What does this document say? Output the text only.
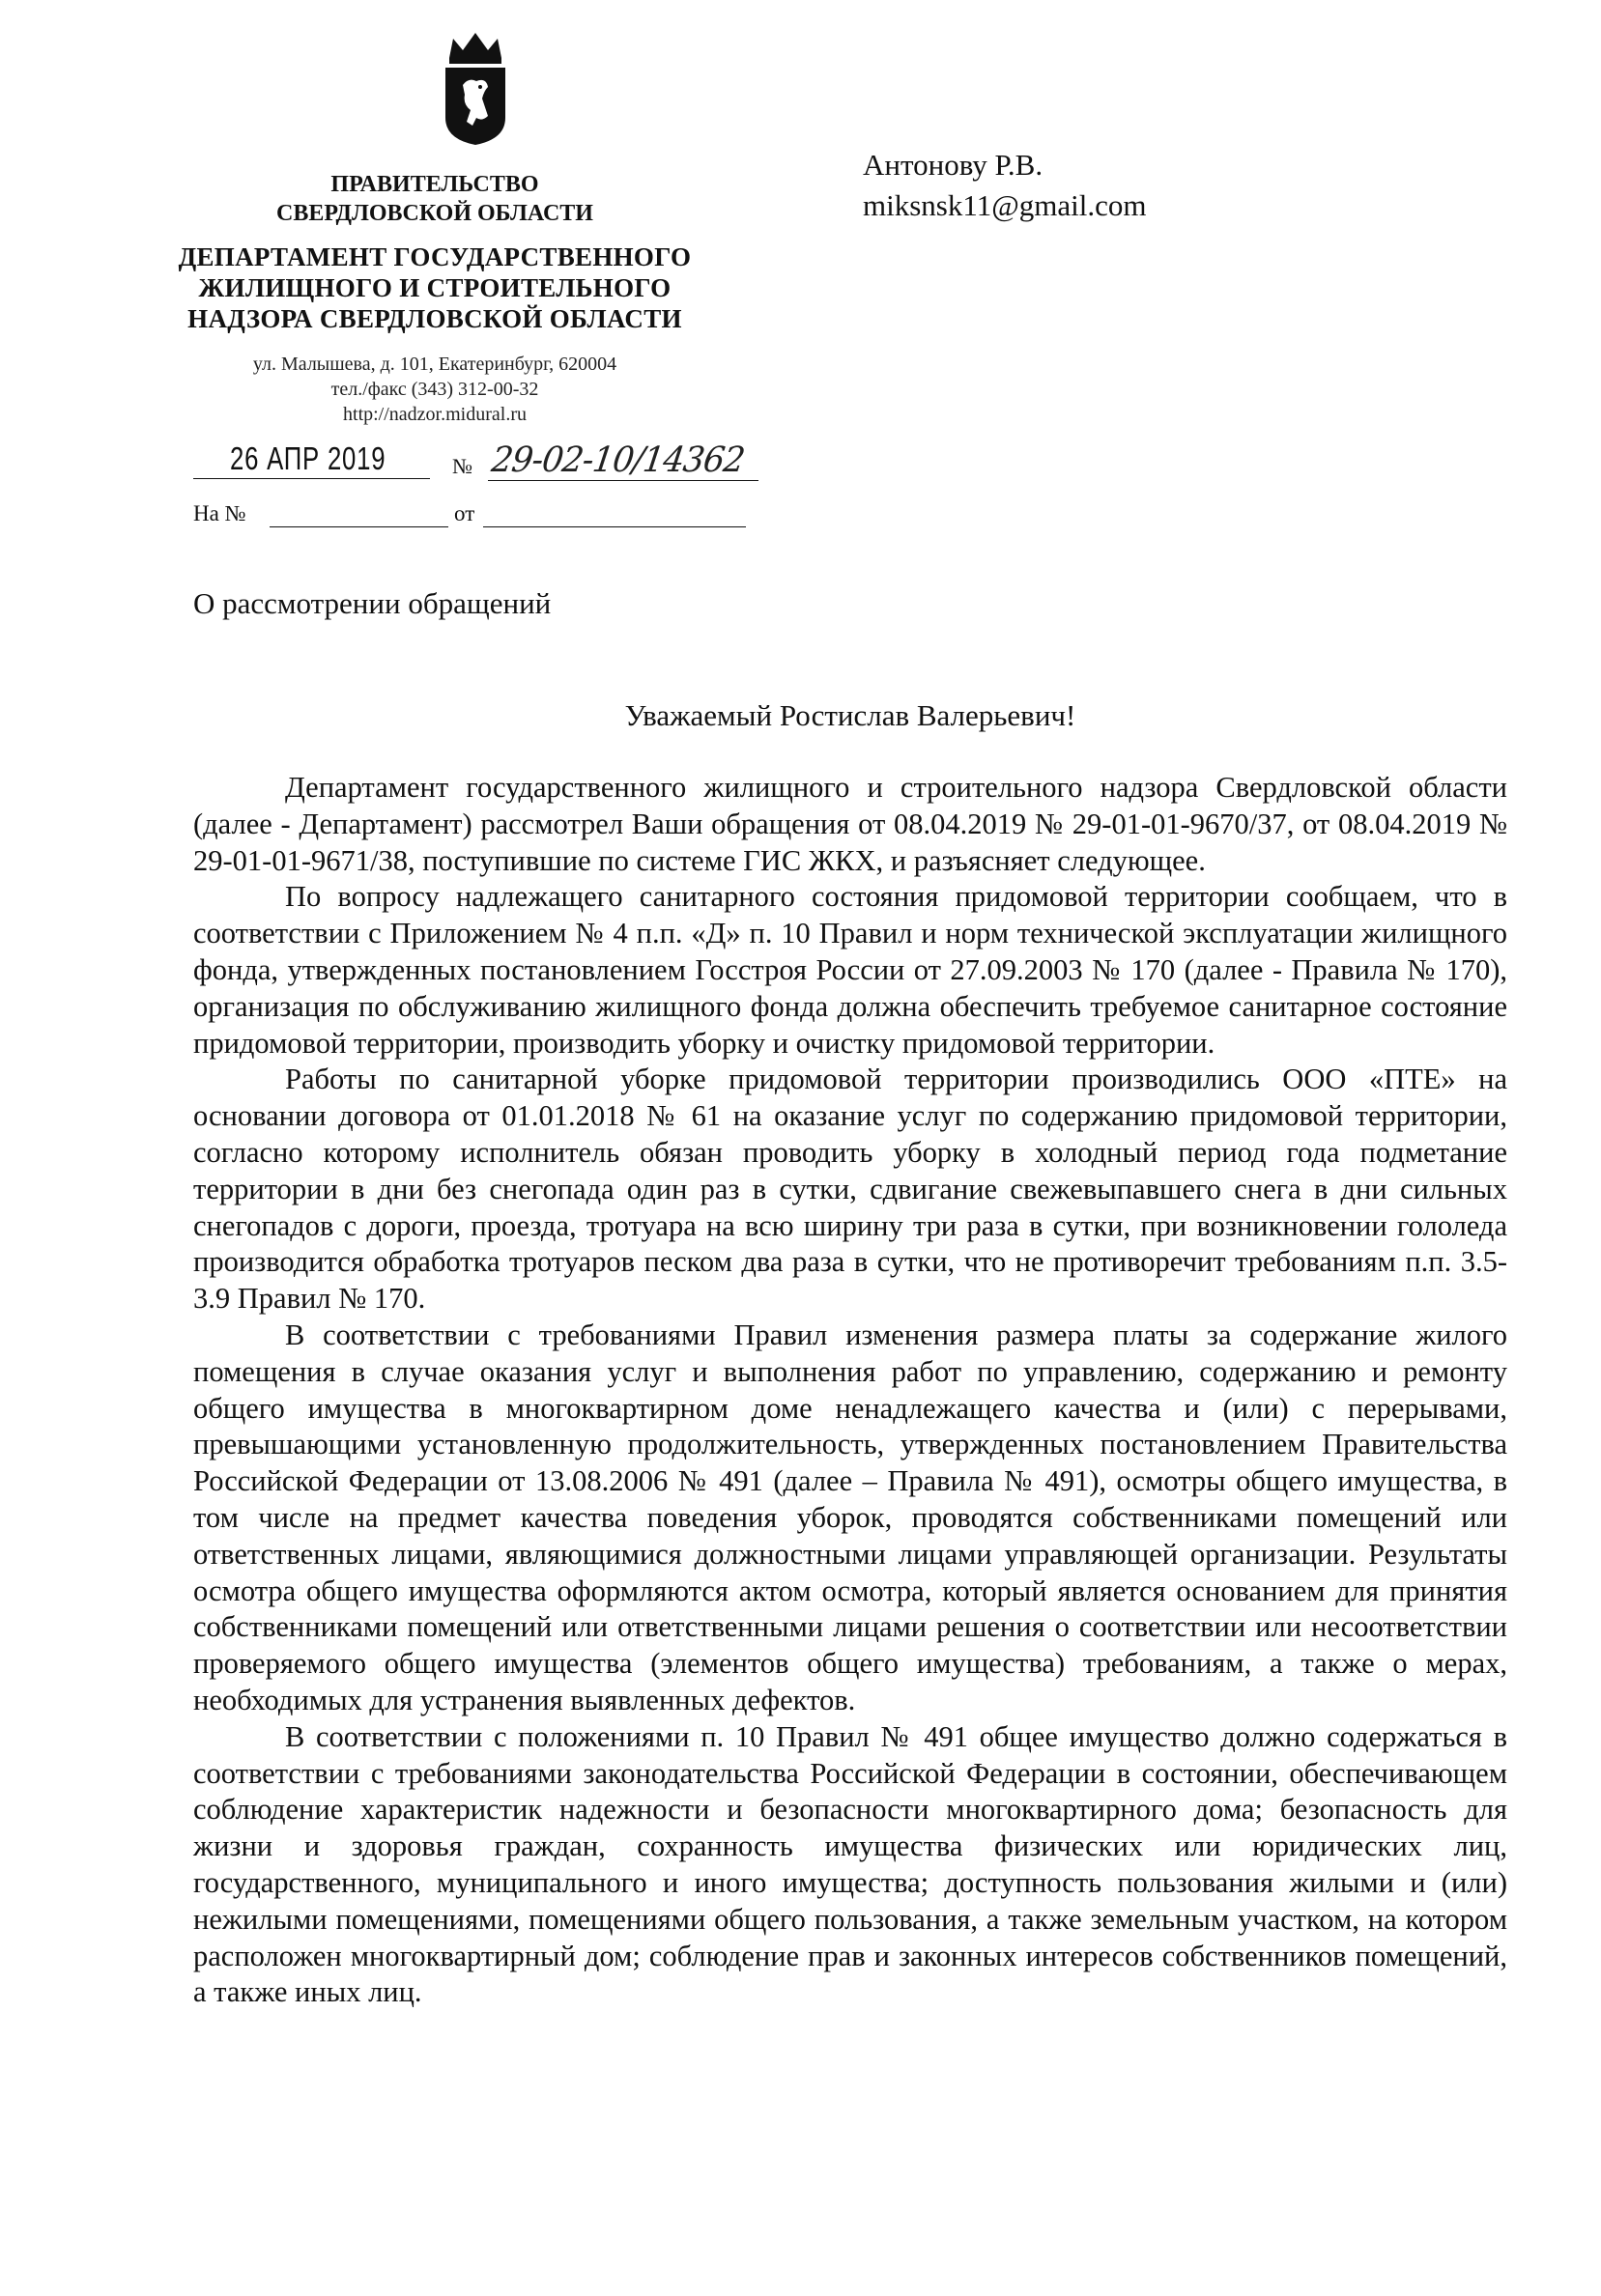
ПРАВИТЕЛЬСТВО
СВЕРДЛОВСКОЙ ОБЛАСТИ
ДЕПАРТАМЕНТ ГОСУДАРСТВЕННОГО
ЖИЛИЩНОГО И СТРОИТЕЛЬНОГО
НАДЗОРА СВЕРДЛОВСКОЙ ОБЛАСТИ
ул. Малышева, д. 101, Екатеринбург, 620004
тел./факс (343) 312-00-32
http://nadzor.midural.ru
Антонову Р.В.
miksnsk11@gmail.com
26 АПР 2019	№ 29-02-10/14362
На №	от
О рассмотрении обращений
Уважаемый Ростислав Валерьевич!

Департамент государственного жилищного и строительного надзора Свердловской области (далее - Департамент) рассмотрел Ваши обращения от 08.04.2019 № 29-01-01-9670/37, от 08.04.2019 № 29-01-01-9671/38, поступившие по системе ГИС ЖКХ, и разъясняет следующее.

По вопросу надлежащего санитарного состояния придомовой территории сообщаем, что в соответствии с Приложением № 4 п.п. «Д» п. 10 Правил и норм технической эксплуатации жилищного фонда, утвержденных постановлением Госстроя России от 27.09.2003 № 170 (далее - Правила № 170), организация по обслуживанию жилищного фонда должна обеспечить требуемое санитарное состояние придомовой территории, производить уборку и очистку придомовой территории.

Работы по санитарной уборке придомовой территории производились ООО «ПТЕ» на основании договора от 01.01.2018 № 61 на оказание услуг по содержанию придомовой территории, согласно которому исполнитель обязан проводить уборку в холодный период года подметание территории в дни без снегопада один раз в сутки, сдвигание свежевыпавшего снега в дни сильных снегопадов с дороги, проезда, тротуара на всю ширину три раза в сутки, при возникновении гололеда производится обработка тротуаров песком два раза в сутки, что не противоречит требованиям п.п. 3.5-3.9 Правил № 170.

В соответствии с требованиями Правил изменения размера платы за содержание жилого помещения в случае оказания услуг и выполнения работ по управлению, содержанию и ремонту общего имущества в многоквартирном доме ненадлежащего качества и (или) с перерывами, превышающими установленную продолжительность, утвержденных постановлением Правительства Российской Федерации от 13.08.2006 № 491 (далее – Правила № 491), осмотры общего имущества, в том числе на предмет качества поведения уборок, проводятся собственниками помещений или ответственных лицами, являющимися должностными лицами управляющей организации. Результаты осмотра общего имущества оформляются актом осмотра, который является основанием для принятия собственниками помещений или ответственными лицами решения о соответствии или несоответствии проверяемого общего имущества (элементов общего имущества) требованиям, а также о мерах, необходимых для устранения выявленных дефектов.

В соответствии с положениями п. 10 Правил № 491 общее имущество должно содержаться в соответствии с требованиями законодательства Российской Федерации в состоянии, обеспечивающем соблюдение характеристик надежности и безопасности многоквартирного дома; безопасность для жизни и здоровья граждан, сохранность имущества физических или юридических лиц, государственного, муниципального и иного имущества; доступность пользования жилыми и (или) нежилыми помещениями, помещениями общего пользования, а также земельным участком, на котором расположен многоквартирный дом; соблюдение прав и законных интересов собственников помещений, а также иных лиц.
